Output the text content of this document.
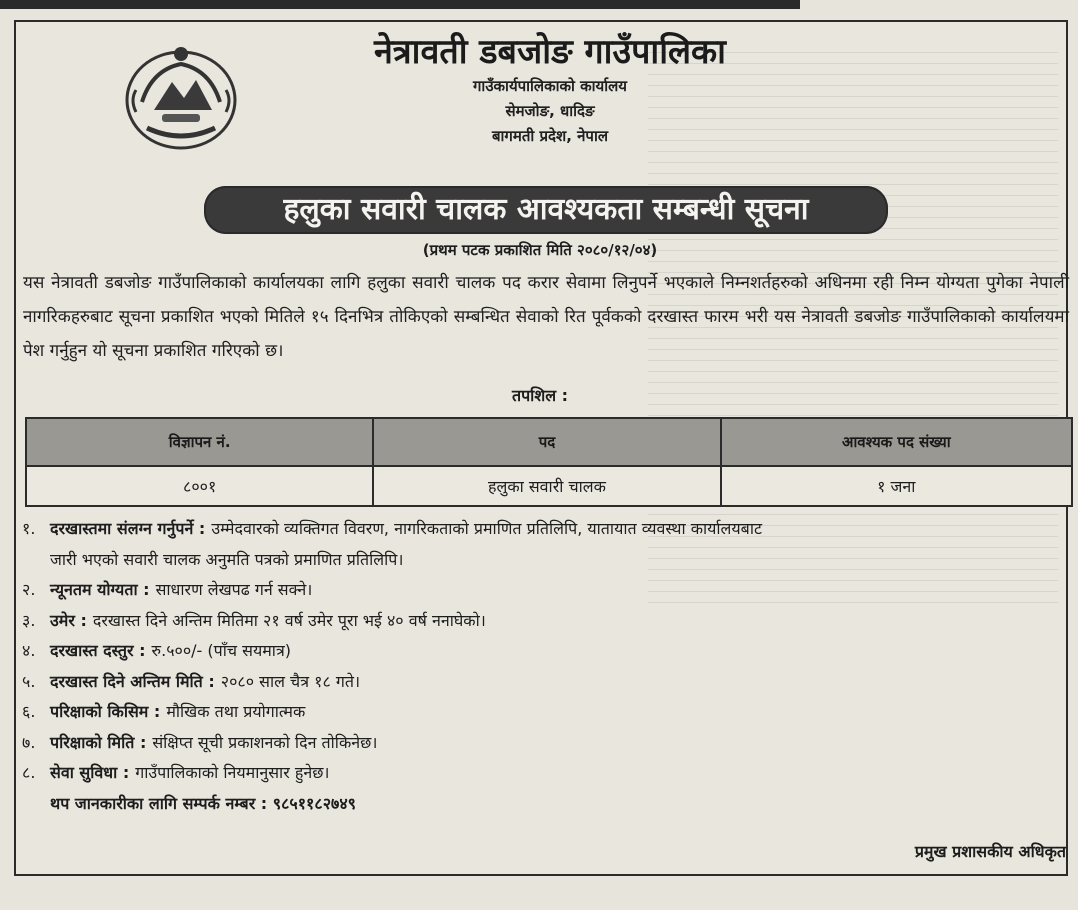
नेत्रावती डबजोङ गाउँपालिका
गाउँकार्यपालिकाको कार्यालय
सेमजोङ, धादिङ
बागमती प्रदेश, नेपाल
हलुका सवारी चालक आवश्यकता सम्बन्धी सूचना
(प्रथम पटक प्रकाशित मिति २०८०/१२/०४)
यस नेत्रावती डबजोङ गाउँपालिकाको कार्यालयका लागि हलुका सवारी चालक पद करार सेवामा लिनुपर्ने भएकाले निम्नशर्तहरुको अधिनमा रही निम्न योग्यता पुगेका नेपाली नागरिकहरुबाट सूचना प्रकाशित भएको मितिले १५ दिनभित्र तोकिएको सम्बन्धित सेवाको रित पूर्वकको दरखास्त फारम भरी यस नेत्रावती डबजोङ गाउँपालिकाको कार्यालयमा पेश गर्नुहुन यो सूचना प्रकाशित गरिएको छ।
तपशिल :
विज्ञापन नं.	पद	आवश्यक पद संख्या
८००१	हलुका सवारी चालक	१ जना
१. दरखास्तमा संलग्न गर्नुपर्ने : उम्मेदवारको व्यक्तिगत विवरण, नागरिकताको प्रमाणित प्रतिलिपि, यातायात व्यवस्था कार्यालयबाट
जारी भएको सवारी चालक अनुमति पत्रको प्रमाणित प्रतिलिपि।
२. न्यूनतम योग्यता : साधारण लेखपढ गर्न सक्ने।
३. उमेर : दरखास्त दिने अन्तिम मितिमा २१ वर्ष उमेर पूरा भई ४० वर्ष ननाघेको।
४. दरखास्त दस्तुर : रु.५००/- (पाँच सयमात्र)
५. दरखास्त दिने अन्तिम मिति : २०८० साल चैत्र १८ गते।
६. परिक्षाको किसिम : मौखिक तथा प्रयोगात्मक
७. परिक्षाको मिति : संक्षिप्त सूची प्रकाशनको दिन तोकिनेछ।
८. सेवा सुविधा : गाउँपालिकाको नियमानुसार हुनेछ।
थप जानकारीका लागि सम्पर्क नम्बर : ९८५११८२७४९
प्रमुख प्रशासकीय अधिकृत
